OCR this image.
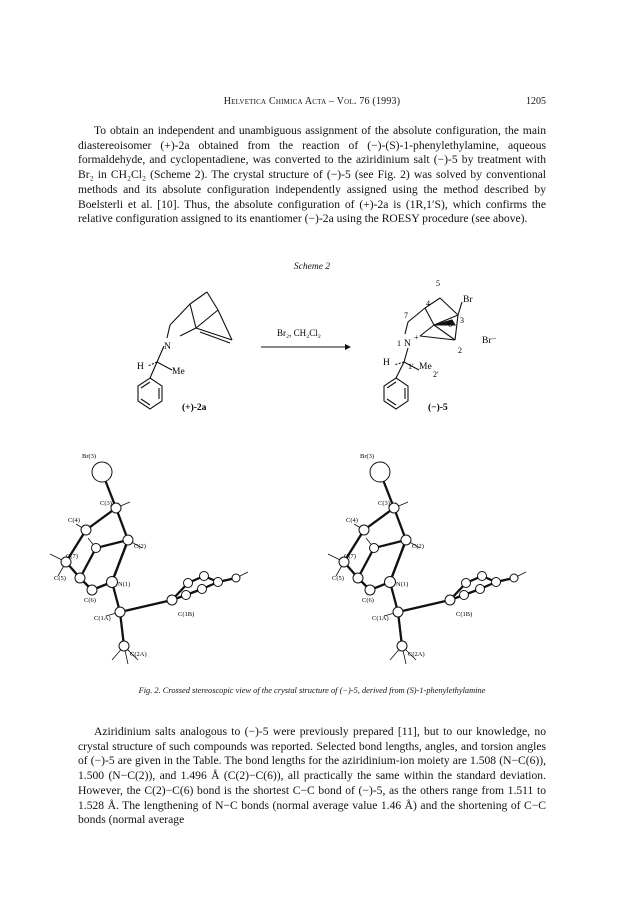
Helvetica Chimica Acta – Vol. 76 (1993)	1205

To obtain an independent and unambiguous assignment of the absolute configuration, the main diastereoisomer (+)-2a obtained from the reaction of (−)-(S)-1-phenylethylamine, aqueous formaldehyde, and cyclopentadiene, was converted to the aziridinium salt (−)-5 by treatment with Br₂ in CH₂Cl₂ (Scheme 2). The crystal structure of (−)-5 (see Fig. 2) was solved by conventional methods and its absolute configuration independently assigned using the method described by Boelsterli et al. [10]. Thus, the absolute configuration of (+)-2a is (1R,1′S), which confirms the relative configuration assigned to its enantiomer (−)-2a using the ROESY procedure (see above).

Scheme 2
N
H	Me
(+)-2a
Br₂, CH₂Cl₂
5
4	Br
7
6 3
1 N
+
2
Br⁻
H 1′ Me
2′
(−)-5
Br(3)
C(3)
C(4)
C(2)
C(7)
C(5)
N(1)
C(6)
C(1A)
C(1B)
C(2A)
Br(3)
C(3)
C(4)
C(2)
C(7)
C(5)
N(1)
C(6)
C(1A)
C(1B)
C(2A)
Fig. 2. Crossed stereoscopic view of the crystal structure of (−)-5, derived from (S)-1-phenylethylamine

Aziridinium salts analogous to (−)-5 were previously prepared [11], but to our knowledge, no crystal structure of such compounds was reported. Selected bond lengths, angles, and torsion angles of (−)-5 are given in the Table. The bond lengths for the aziridinium-ion moiety are 1.508 (N−C(6)), 1.500 (N−C(2)), and 1.496 Å (C(2)−C(6)), all practically the same within the standard deviation. However, the C(2)−C(6) bond is the shortest C−C bond of (−)-5, as the others range from 1.511 to 1.528 Å. The lengthening of N−C bonds (normal average value 1.46 Å) and the shortening of C−C bonds (normal average
